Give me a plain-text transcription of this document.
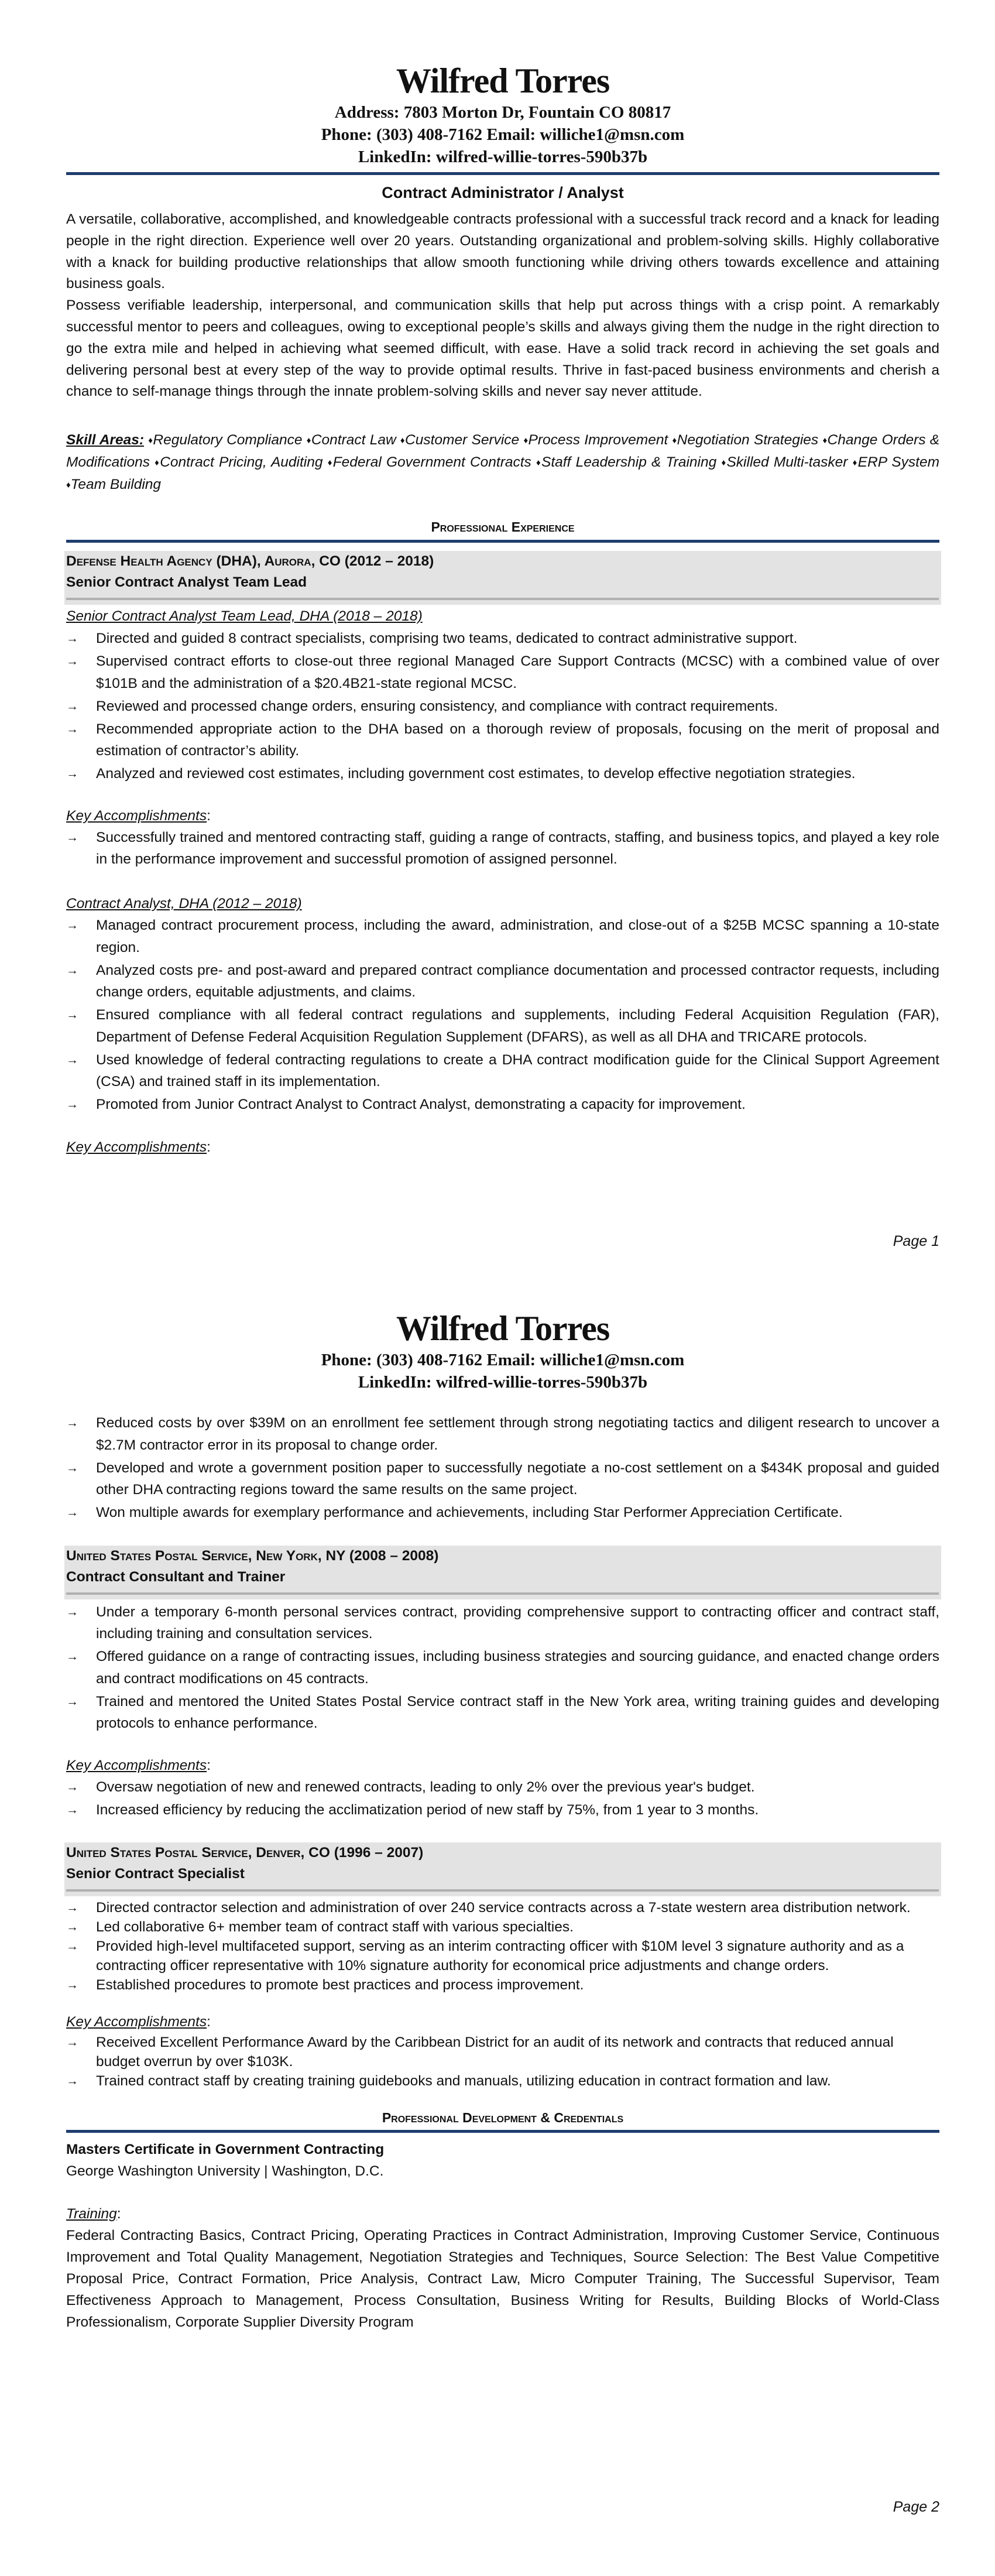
Wilfred Torres
Address: 7803 Morton Dr, Fountain CO 80817
Phone: (303) 408-7162 Email: williche1@msn.com
LinkedIn: wilfred-willie-torres-590b37b
Contract Administrator / Analyst

A versatile, collaborative, accomplished, and knowledgeable contracts professional with a successful track record and a knack for leading people in the right direction. Experience well over 20 years. Outstanding organizational and problem-solving skills. Highly collaborative with a knack for building productive relationships that allow smooth functioning while driving others towards excellence and attaining business goals.

Possess verifiable leadership, interpersonal, and communication skills that help put across things with a crisp point. A remarkably successful mentor to peers and colleagues, owing to exceptional people’s skills and always giving them the nudge in the right direction to go the extra mile and helped in achieving what seemed difficult, with ease. Have a solid track record in achieving the set goals and delivering personal best at every step of the way to provide optimal results. Thrive in fast-paced business environments and cherish a chance to self-manage things through the innate problem-solving skills and never say never attitude.

Skill Areas: ♦Regulatory Compliance ♦Contract Law ♦Customer Service ♦Process Improvement ♦Negotiation Strategies ♦Change Orders & Modifications ♦Contract Pricing, Auditing ♦Federal Government Contracts ♦Staff Leadership & Training ♦Skilled Multi-tasker ♦ERP System ♦Team Building
Professional Experience
Defense Health Agency (DHA), Aurora, CO (2012 – 2018)
Senior Contract Analyst Team Lead
Senior Contract Analyst Team Lead, DHA (2018 – 2018)
→ Directed and guided 8 contract specialists, comprising two teams, dedicated to contract administrative support.
→ Supervised contract efforts to close-out three regional Managed Care Support Contracts (MCSC) with a combined value of over $101B and the administration of a $20.4B21-state regional MCSC.
→ Reviewed and processed change orders, ensuring consistency, and compliance with contract requirements.
→ Recommended appropriate action to the DHA based on a thorough review of proposals, focusing on the merit of proposal and estimation of contractor’s ability.
→ Analyzed and reviewed cost estimates, including government cost estimates, to develop effective negotiation strategies.
Key Accomplishments:
→ Successfully trained and mentored contracting staff, guiding a range of contracts, staffing, and business topics, and played a key role in the performance improvement and successful promotion of assigned personnel.
Contract Analyst, DHA (2012 – 2018)
→ Managed contract procurement process, including the award, administration, and close-out of a $25B MCSC spanning a 10-state region.
→ Analyzed costs pre- and post-award and prepared contract compliance documentation and processed contractor requests, including change orders, equitable adjustments, and claims.
→ Ensured compliance with all federal contract regulations and supplements, including Federal Acquisition Regulation (FAR), Department of Defense Federal Acquisition Regulation Supplement (DFARS), as well as all DHA and TRICARE protocols.
→ Used knowledge of federal contracting regulations to create a DHA contract modification guide for the Clinical Support Agreement (CSA) and trained staff in its implementation.
→ Promoted from Junior Contract Analyst to Contract Analyst, demonstrating a capacity for improvement.
Key Accomplishments:
Page 1
Wilfred Torres
Phone: (303) 408-7162 Email: williche1@msn.com
LinkedIn: wilfred-willie-torres-590b37b
→ Reduced costs by over $39M on an enrollment fee settlement through strong negotiating tactics and diligent research to uncover a $2.7M contractor error in its proposal to change order.
→ Developed and wrote a government position paper to successfully negotiate a no-cost settlement on a $434K proposal and guided other DHA contracting regions toward the same results on the same project.
→ Won multiple awards for exemplary performance and achievements, including Star Performer Appreciation Certificate.
United States Postal Service, New York, NY (2008 – 2008)
Contract Consultant and Trainer
→ Under a temporary 6-month personal services contract, providing comprehensive support to contracting officer and contract staff, including training and consultation services.
→ Offered guidance on a range of contracting issues, including business strategies and sourcing guidance, and enacted change orders and contract modifications on 45 contracts.
→ Trained and mentored the United States Postal Service contract staff in the New York area, writing training guides and developing protocols to enhance performance.
Key Accomplishments:
→ Oversaw negotiation of new and renewed contracts, leading to only 2% over the previous year's budget.
→ Increased efficiency by reducing the acclimatization period of new staff by 75%, from 1 year to 3 months.
United States Postal Service, Denver, CO (1996 – 2007)
Senior Contract Specialist
→ Directed contractor selection and administration of over 240 service contracts across a 7-state western area distribution network.
→ Led collaborative 6+ member team of contract staff with various specialties.
→ Provided high-level multifaceted support, serving as an interim contracting officer with $10M level 3 signature authority and as a contracting officer representative with 10% signature authority for economical price adjustments and change orders.
→ Established procedures to promote best practices and process improvement.
Key Accomplishments:
→ Received Excellent Performance Award by the Caribbean District for an audit of its network and contracts that reduced annual budget overrun by over $103K.
→ Trained contract staff by creating training guidebooks and manuals, utilizing education in contract formation and law.
Professional Development & Credentials
Masters Certificate in Government Contracting
George Washington University | Washington, D.C.
Training:

Federal Contracting Basics, Contract Pricing, Operating Practices in Contract Administration, Improving Customer Service, Continuous Improvement and Total Quality Management, Negotiation Strategies and Techniques, Source Selection: The Best Value Competitive Proposal Price, Contract Formation, Price Analysis, Contract Law, Micro Computer Training, The Successful Supervisor, Team Effectiveness Approach to Management, Process Consultation, Business Writing for Results, Building Blocks of World-Class Professionalism, Corporate Supplier Diversity Program

Page 2
